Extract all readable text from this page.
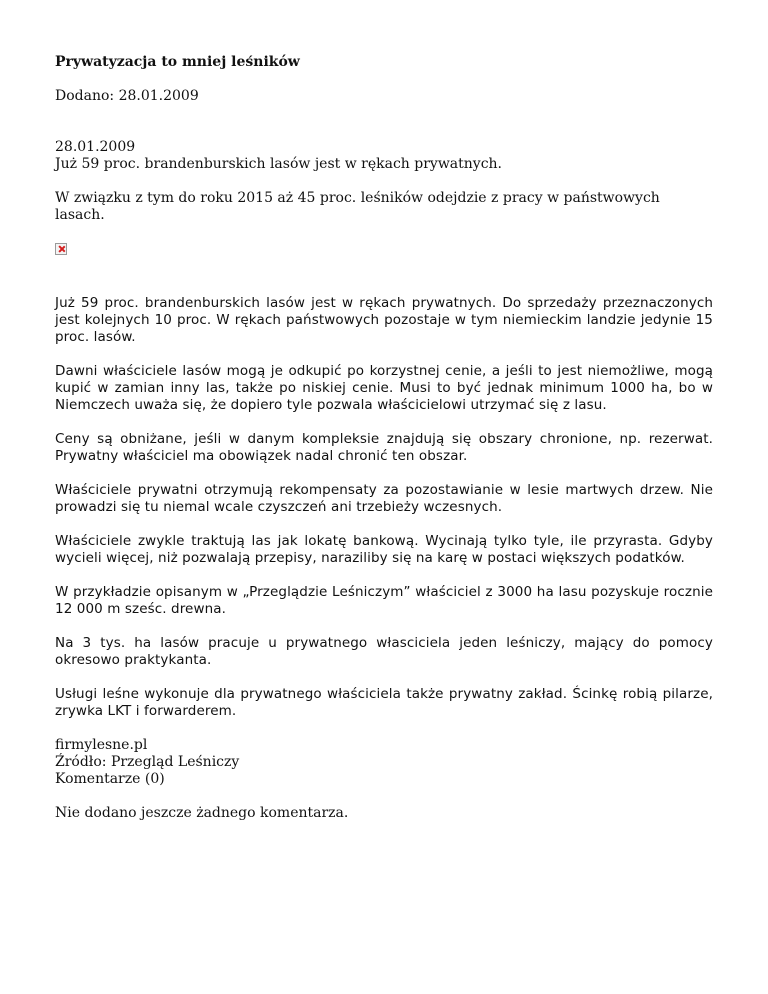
Prywatyzacja to mniej leśników
Dodano: 28.01.2009
28.01.2009
Już 59 proc. brandenburskich lasów jest w rękach prywatnych.
W związku z tym do roku 2015 aż 45 proc. leśników odejdzie z pracy w państwowych lasach.
Już 59 proc. brandenburskich lasów jest w rękach prywatnych. Do sprzedaży przeznaczonych jest kolejnych 10 proc. W rękach państwowych pozostaje w tym niemieckim landzie jedynie 15 proc. lasów.
Dawni właściciele lasów mogą je odkupić po korzystnej cenie, a jeśli to jest niemożliwe, mogą kupić w zamian inny las, także po niskiej cenie. Musi to być jednak minimum 1000 ha, bo w Niemczech uważa się, że dopiero tyle pozwala właścicielowi utrzymać się z lasu.
Ceny są obniżane, jeśli w danym kompleksie znajdują się obszary chronione, np. rezerwat. Prywatny właściciel ma obowiązek nadal chronić ten obszar.
Właściciele prywatni otrzymują rekompensaty za pozostawianie w lesie martwych drzew. Nie prowadzi się tu niemal wcale czyszczeń ani trzebieży wczesnych.
Właściciele zwykle traktują las jak lokatę bankową. Wycinają tylko tyle, ile przyrasta. Gdyby wycieli więcej, niż pozwalają przepisy, naraziliby się na karę w postaci większych podatków.
W przykładzie opisanym w „Przeglądzie Leśniczym” właściciel z 3000 ha lasu pozyskuje rocznie 12 000 m sześc. drewna.
Na 3 tys. ha lasów pracuje u prywatnego własciciela jeden leśniczy, mający do pomocy okresowo praktykanta.
Usługi leśne wykonuje dla prywatnego właściciela także prywatny zakład. Ścinkę robią pilarze, zrywka LKT i forwarderem.
firmylesne.pl
Źródło: Przegląd Leśniczy
Komentarze (0)
Nie dodano jeszcze żadnego komentarza.
